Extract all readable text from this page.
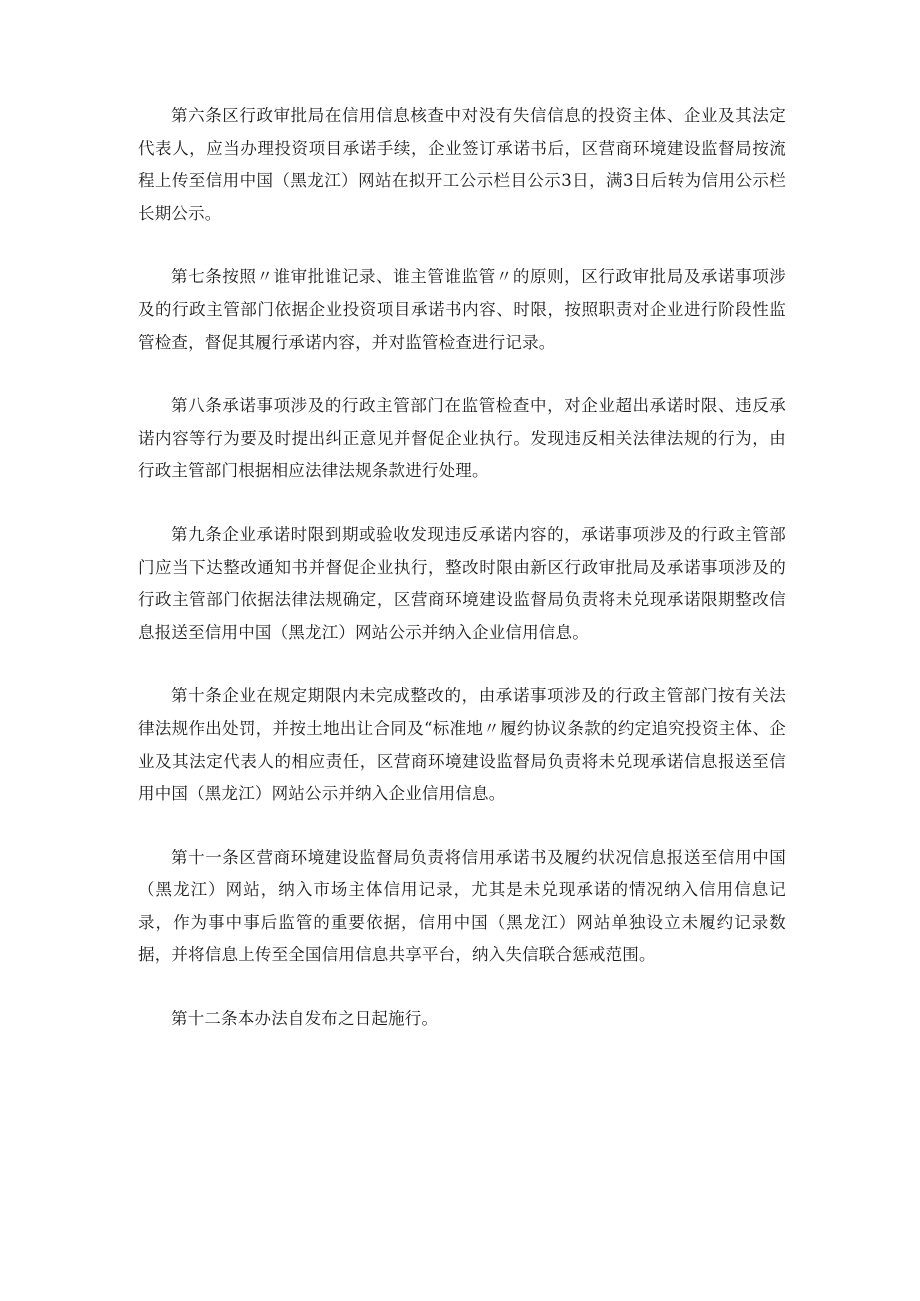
第六条区行政审批局在信用信息核查中对没有失信信息的投资主体、企业及其法定代表人，应当办理投资项目承诺手续，企业签订承诺书后，区营商环境建设监督局按流程上传至信用中国（黑龙江）网站在拟开工公示栏目公示3日，满3日后转为信用公示栏长期公示。

第七条按照〃谁审批谁记录、谁主管谁监管〃的原则，区行政审批局及承诺事项涉及的行政主管部门依据企业投资项目承诺书内容、时限，按照职责对企业进行阶段性监管检查，督促其履行承诺内容，并对监管检查进行记录。

第八条承诺事项涉及的行政主管部门在监管检查中，对企业超出承诺时限、违反承诺内容等行为要及时提出纠正意见并督促企业执行。发现违反相关法律法规的行为，由行政主管部门根据相应法律法规条款进行处理。

第九条企业承诺时限到期或验收发现违反承诺内容的，承诺事项涉及的行政主管部门应当下达整改通知书并督促企业执行，整改时限由新区行政审批局及承诺事项涉及的行政主管部门依据法律法规确定，区营商环境建设监督局负责将未兑现承诺限期整改信息报送至信用中国（黑龙江）网站公示并纳入企业信用信息。

第十条企业在规定期限内未完成整改的，由承诺事项涉及的行政主管部门按有关法律法规作出处罚，并按土地出让合同及“标准地〃履约协议条款的约定追究投资主体、企业及其法定代表人的相应责任，区营商环境建设监督局负责将未兑现承诺信息报送至信用中国（黑龙江）网站公示并纳入企业信用信息。

第十一条区营商环境建设监督局负责将信用承诺书及履约状况信息报送至信用中国（黑龙江）网站，纳入市场主体信用记录，尤其是未兑现承诺的情况纳入信用信息记录，作为事中事后监管的重要依据，信用中国（黑龙江）网站单独设立未履约记录数据，并将信息上传至全国信用信息共享平台，纳入失信联合惩戒范围。

第十二条本办法自发布之日起施行。
